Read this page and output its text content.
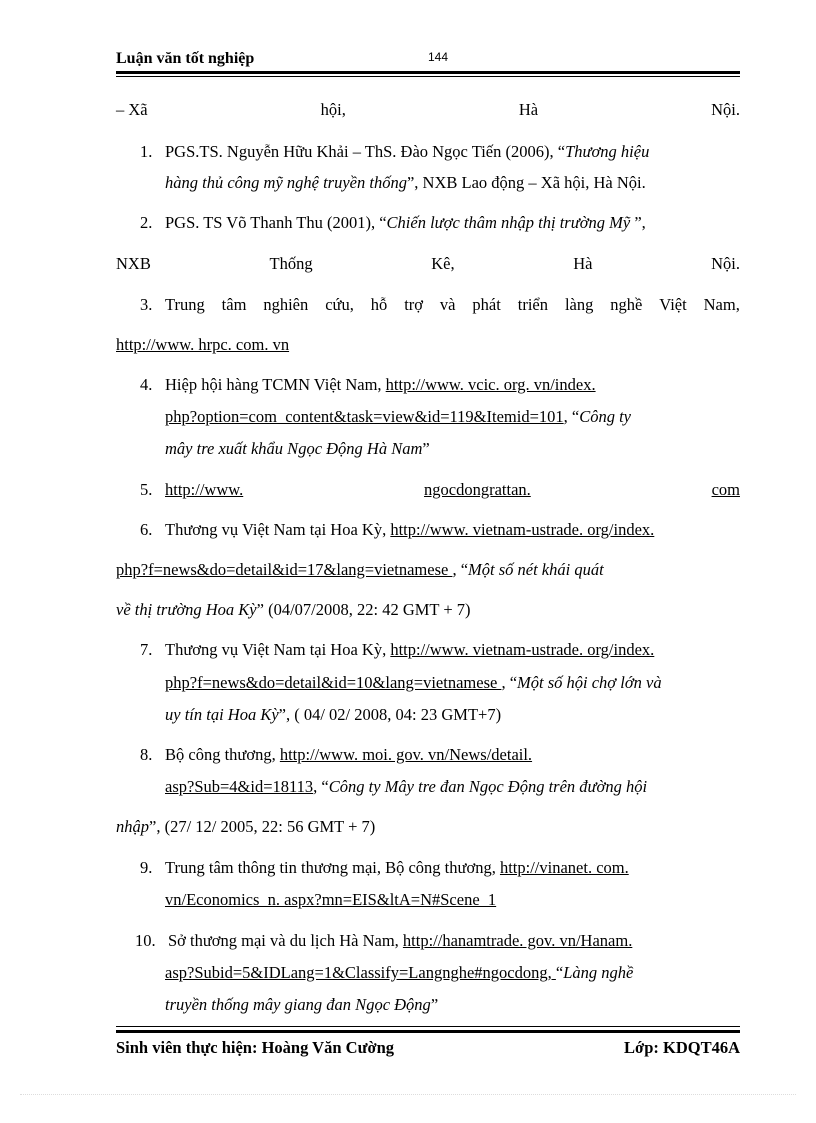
Luận văn tốt nghiệp	144
– Xã	hội,	Hà	Nội.
1. PGS.TS. Nguyễn Hữu Khải – ThS. Đào Ngọc Tiến (2006), “Thương hiệu
hàng thủ công mỹ nghệ truyền thống”, NXB Lao động – Xã hội, Hà Nội.
2. PGS. TS Võ Thanh Thu (2001), “Chiến lược thâm nhập thị trường Mỹ ”,
NXB	Thống	Kê,	Hà	Nội.
3. Trung tâm nghiên cứu, hỗ trợ và phát triển làng nghề Việt Nam,
http://www. hrpc. com. vn
4. Hiệp hội hàng TCMN Việt Nam, http://www. vcic. org. vn/index.
php?option=com_content&task=view&id=119&Itemid=101, “Công ty
mây tre xuất khẩu Ngọc Động Hà Nam”
5. http://www.	ngocdongrattan.	com
6. Thương vụ Việt Nam tại Hoa Kỳ, http://www. vietnam-ustrade. org/index.
php?f=news&do=detail&id=17&lang=vietnamese , “Một số nét khái quát
về thị trường Hoa Kỳ” (04/07/2008, 22: 42 GMT + 7)
7. Thương vụ Việt Nam tại Hoa Kỳ, http://www. vietnam-ustrade. org/index.
php?f=news&do=detail&id=10&lang=vietnamese , “Một số hội chợ lớn và
uy tín tại Hoa Kỳ”, ( 04/ 02/ 2008, 04: 23 GMT+7)
8. Bộ công thương, http://www. moi. gov. vn/News/detail.
asp?Sub=4&id=18113, “Công ty Mây tre đan Ngọc Động trên đường hội
nhập”, (27/ 12/ 2005, 22: 56 GMT + 7)
9. Trung tâm thông tin thương mại, Bộ công thương, http://vinanet. com.
vn/Economics_n. aspx?mn=EIS&ltA=N#Scene_1
10. Sở thương mại và du lịch Hà Nam, http://hanamtrade. gov. vn/Hanam.
asp?Subid=5&IDLang=1&Classify=Langnghe#ngocdong, “Làng nghề
truyền thống mây giang đan Ngọc Động”
Sinh viên thực hiện: Hoàng Văn Cường	Lớp: KDQT46A
